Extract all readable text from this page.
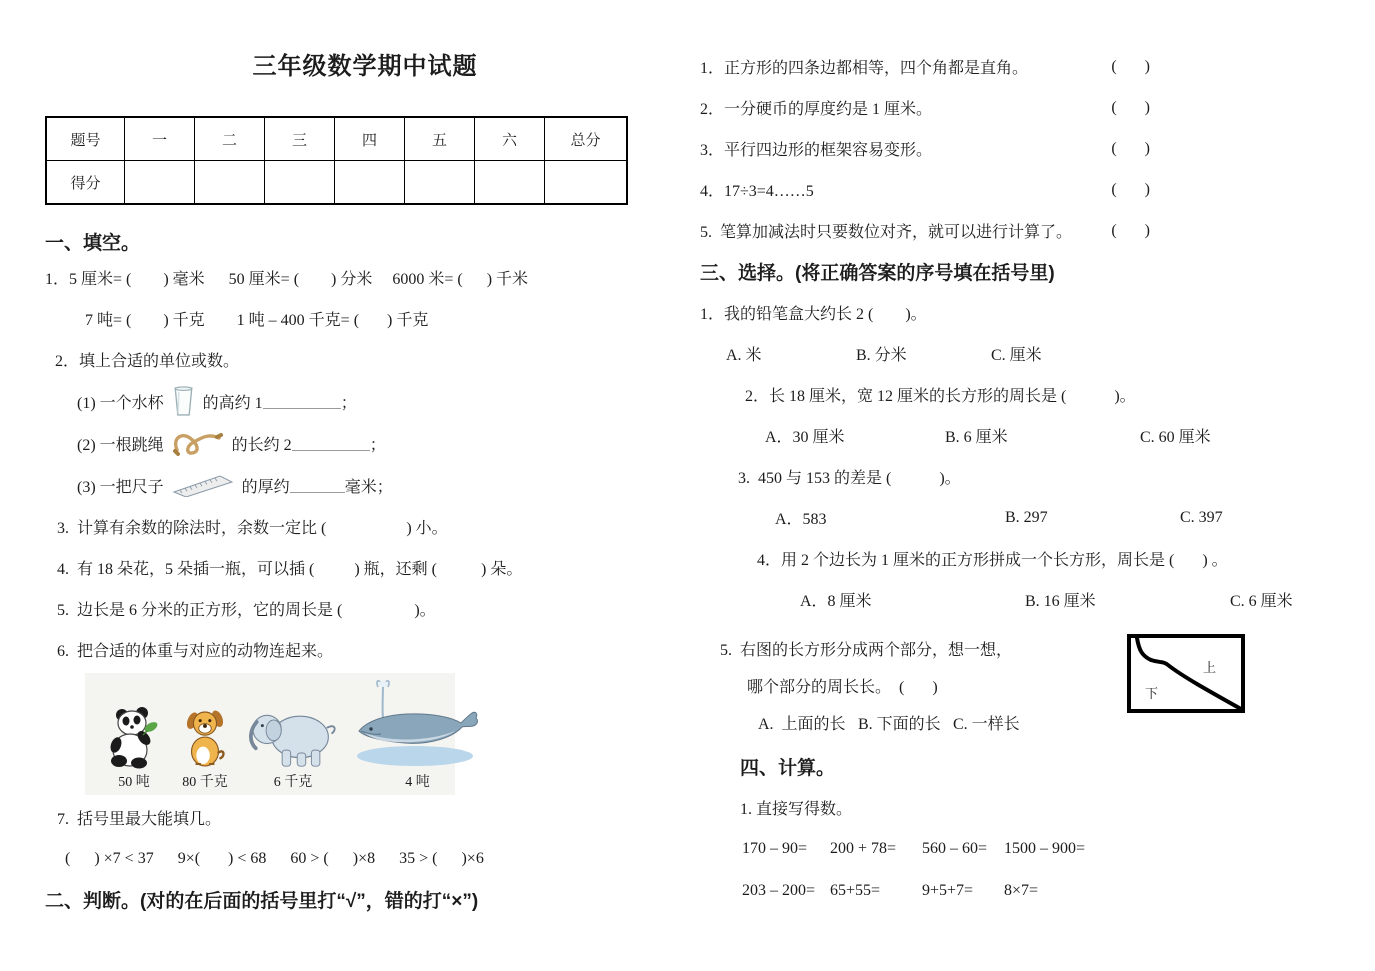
三年级数学期中试题
题号	一	二	三	四	五	六	总分
得分							
一、填空。
1．5 厘米= (        ) 毫米      50 厘米= (        ) 分米     6000 米= (      ) 千米
7 吨= (        ) 千克        1 吨 – 400 千克= (       ) 千克
2．填上合适的单位或数。
(1) 一个水杯 的高约 1	；
(2) 一根跳绳	的长约 2	；
(3) 一把尺子	的厚约	毫米；
3.  计算有余数的除法时，余数一定比 (                    ) 小。
4.  有 18 朵花，5 朵插一瓶，可以插 (          ) 瓶，还剩 (           ) 朵。
5.  边长是 6 分米的正方形，它的周长是 (                  )。
6.  把合适的体重与对应的动物连起来。
50 吨 80 千克	6 千克	4 吨
7.  括号里最大能填几。
(      ) ×7 < 37      9×(       ) < 68      60 > (      )×8      35 > (      )×6
二、判断。(对的在后面的括号里打“√”，错的打“×”)
1．正方形的四条边都相等，四个角都是直角。	(       )
2．一分硬币的厚度约是 1 厘米。	(       )
3．平行四边形的框架容易变形。	(       )
4．17÷3=4……5	(       )
5.  笔算加减法时只要数位对齐，就可以进行计算了。 (       )
三、选择。(将正确答案的序号填在括号里)
1．我的铅笔盒大约长 2 (        )。
A. 米	B. 分米	C. 厘米
2．长 18 厘米，宽 12 厘米的长方形的周长是 (            )。
A．30 厘米	B. 6 厘米	C. 60 厘米
3.  450 与 153 的差是 (            )。
A．583	B. 297	C. 397
4．用 2 个边长为 1 厘米的正方形拼成一个长方形，周长是 (       ) 。
A．8 厘米	B. 16 厘米	C. 6 厘米
5.  右图的长方形分成两个部分，想一想，
哪个部分的周长长。  (       )
A.  上面的长 B. 下面的长 C. 一样长
上
下
四、计算。
1. 直接写得数。
170 – 90=	200 + 78=	560 – 60=	1500 – 900=
203 – 200= 65+55=	9+5+7=	8×7=
